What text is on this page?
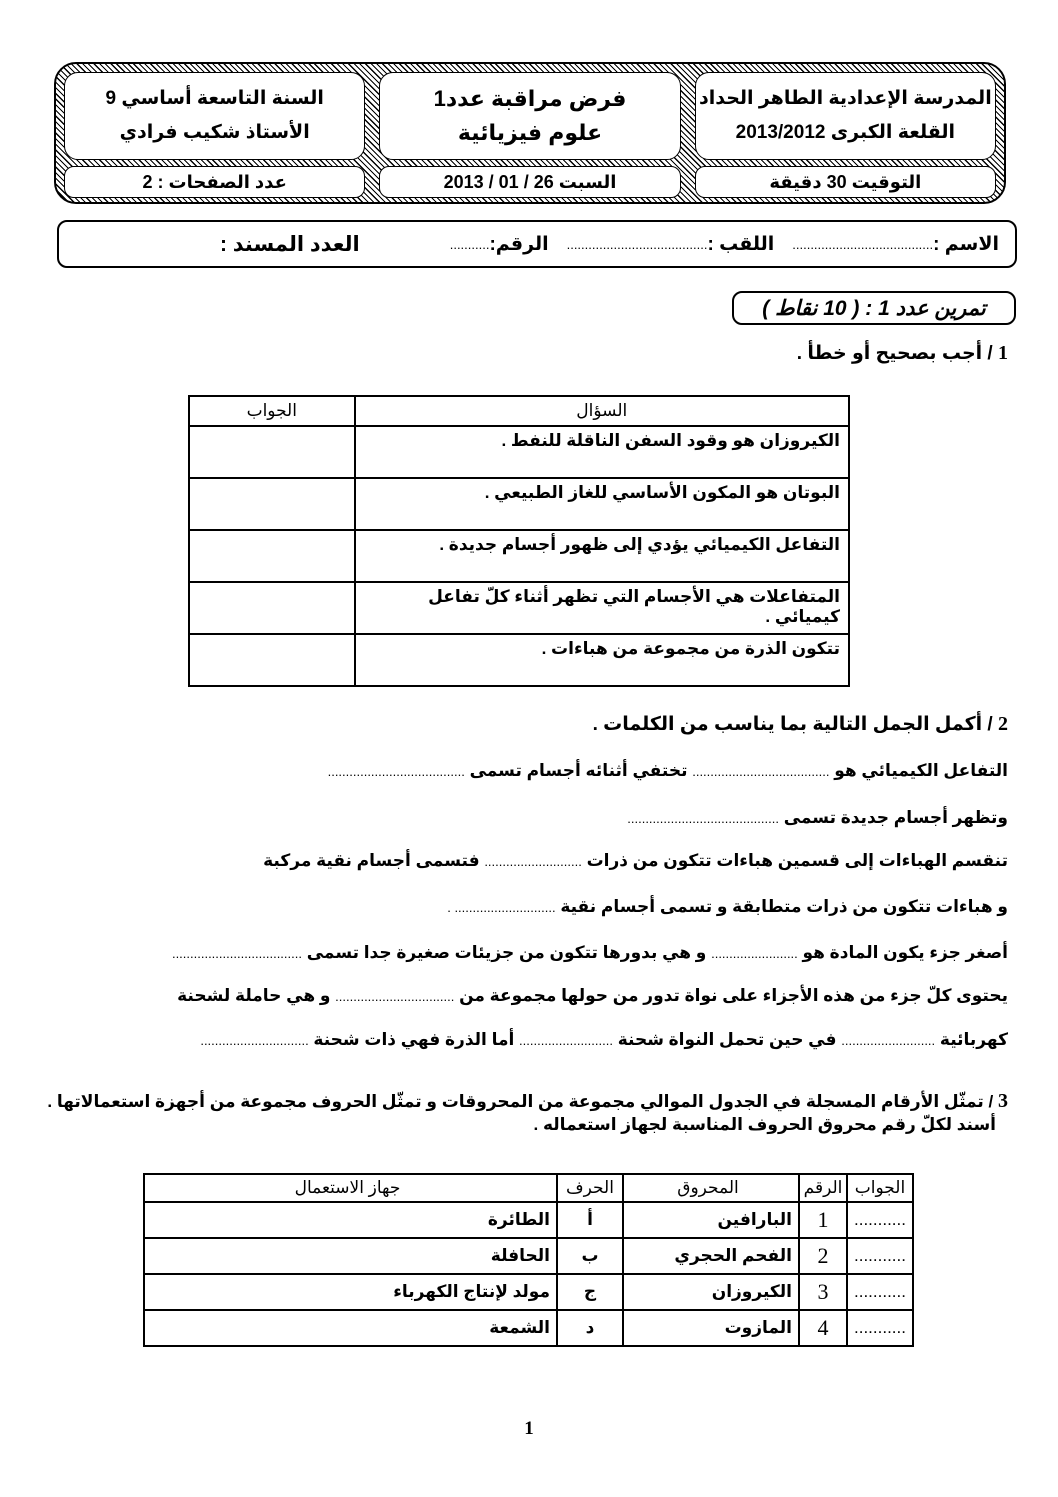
المدرسة الإعدادية الطاهر الحداد
القلعة الكبرى 2013/2012
فرض مراقبة عدد1
علوم فيزيائية
السنة التاسعة أساسي 9
الأستاذ شكيب فرادي
التوقيت 30 دقيقة
السبت 26 / 01 / 2013
عدد الصفحات : 2
الاسم :
.......................................
اللقب :
.......................................
الرقم:
...........
العدد المسند :
تمرين عدد 1 : ( 10 نقاط )
1 / أجب بصحيح أو خطأ .
السؤال	الجواب
الكيروزان هو وقود السفن الناقلة للنفط .	
البوتان هو المكون الأساسي للغاز الطبيعي .	
التفاعل الكيميائي يؤدي إلى ظهور أجسام جديدة .	
المتفاعلات هي الأجسام التي تظهر أثناء كلّ تفاعل كيميائي .	
تتكون الذرة من مجموعة من هباءات .	
2 / أكمل الجمل التالية بما يناسب من الكلمات .
التفاعل الكيميائي هو ...................................... تختفي أثنائه أجسام تسمى ......................................
وتظهر أجسام جديدة تسمى ..........................................
تنقسم الهباءات إلى قسمين هباءات تتكون من ذرات ........................... فتسمى أجسام نقية مركبة
و هباءات تتكون من ذرات متطابقة و تسمى أجسام نقية ............................ .
أصغر جزء يكون المادة هو ........................ و هي بدورها تتكون من جزيئات صغيرة جدا تسمى ....................................
يحتوى كلّ جزء من هذه الأجزاء على نواة تدور من حولها مجموعة من ................................. و هي حاملة لشحنة
كهربائية .......................... في حين تحمل النواة شحنة .......................... أما الذرة فهي ذات شحنة ..............................
3 / تمثّل الأرقام المسجلة في الجدول الموالي مجموعة من المحروقات و تمثّل الحروف مجموعة من أجهزة استعمالاتها .
أسند لكلّ رقم محروق الحروف المناسبة لجهاز استعماله .
الجواب	الرقم	المحروق	الحرف	جهاز الاستعمال
...........	1	البارافين	أ	الطائرة
...........	2	الفحم الحجري	ب	الحافلة
...........	3	الكيروزان	ج	مولد لإنتاج الكهرباء
...........	4	المازوت	د	الشمعة
1
